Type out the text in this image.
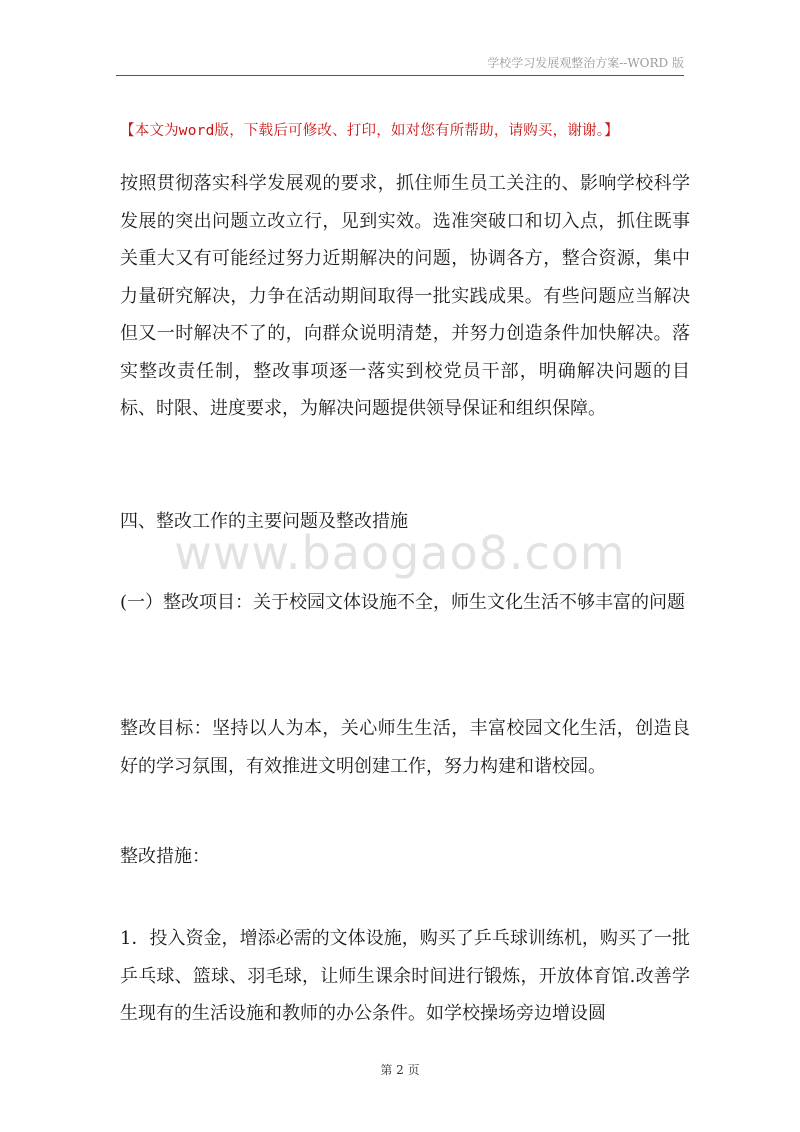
学校学习发展观整治方案--WORD 版
【本文为word版，下载后可修改、打印，如对您有所帮助，请购买，谢谢。】
按照贯彻落实科学发展观的要求，抓住师生员工关注的、影响学校科学发展的突出问题立改立行，见到实效。选准突破口和切入点，抓住既事关重大又有可能经过努力近期解决的问题，协调各方，整合资源，集中力量研究解决，力争在活动期间取得一批实践成果。有些问题应当解决但又一时解决不了的，向群众说明清楚，并努力创造条件加快解决。落实整改责任制，整改事项逐一落实到校党员干部，明确解决问题的目标、时限、进度要求，为解决问题提供领导保证和组织保障。
四、整改工作的主要问题及整改措施
www.baogao8.com
(一）整改项目：关于校园文体设施不全，师生文化生活不够丰富的问题
整改目标：坚持以人为本，关心师生生活，丰富校园文化生活，创造良好的学习氛围，有效推进文明创建工作，努力构建和谐校园。
整改措施：
1．投入资金，增添必需的文体设施，购买了乒乓球训练机，购买了一批乒乓球、篮球、羽毛球，让师生课余时间进行锻炼，开放体育馆.改善学生现有的生活设施和教师的办公条件。如学校操场旁边增设圆
第 2 页
